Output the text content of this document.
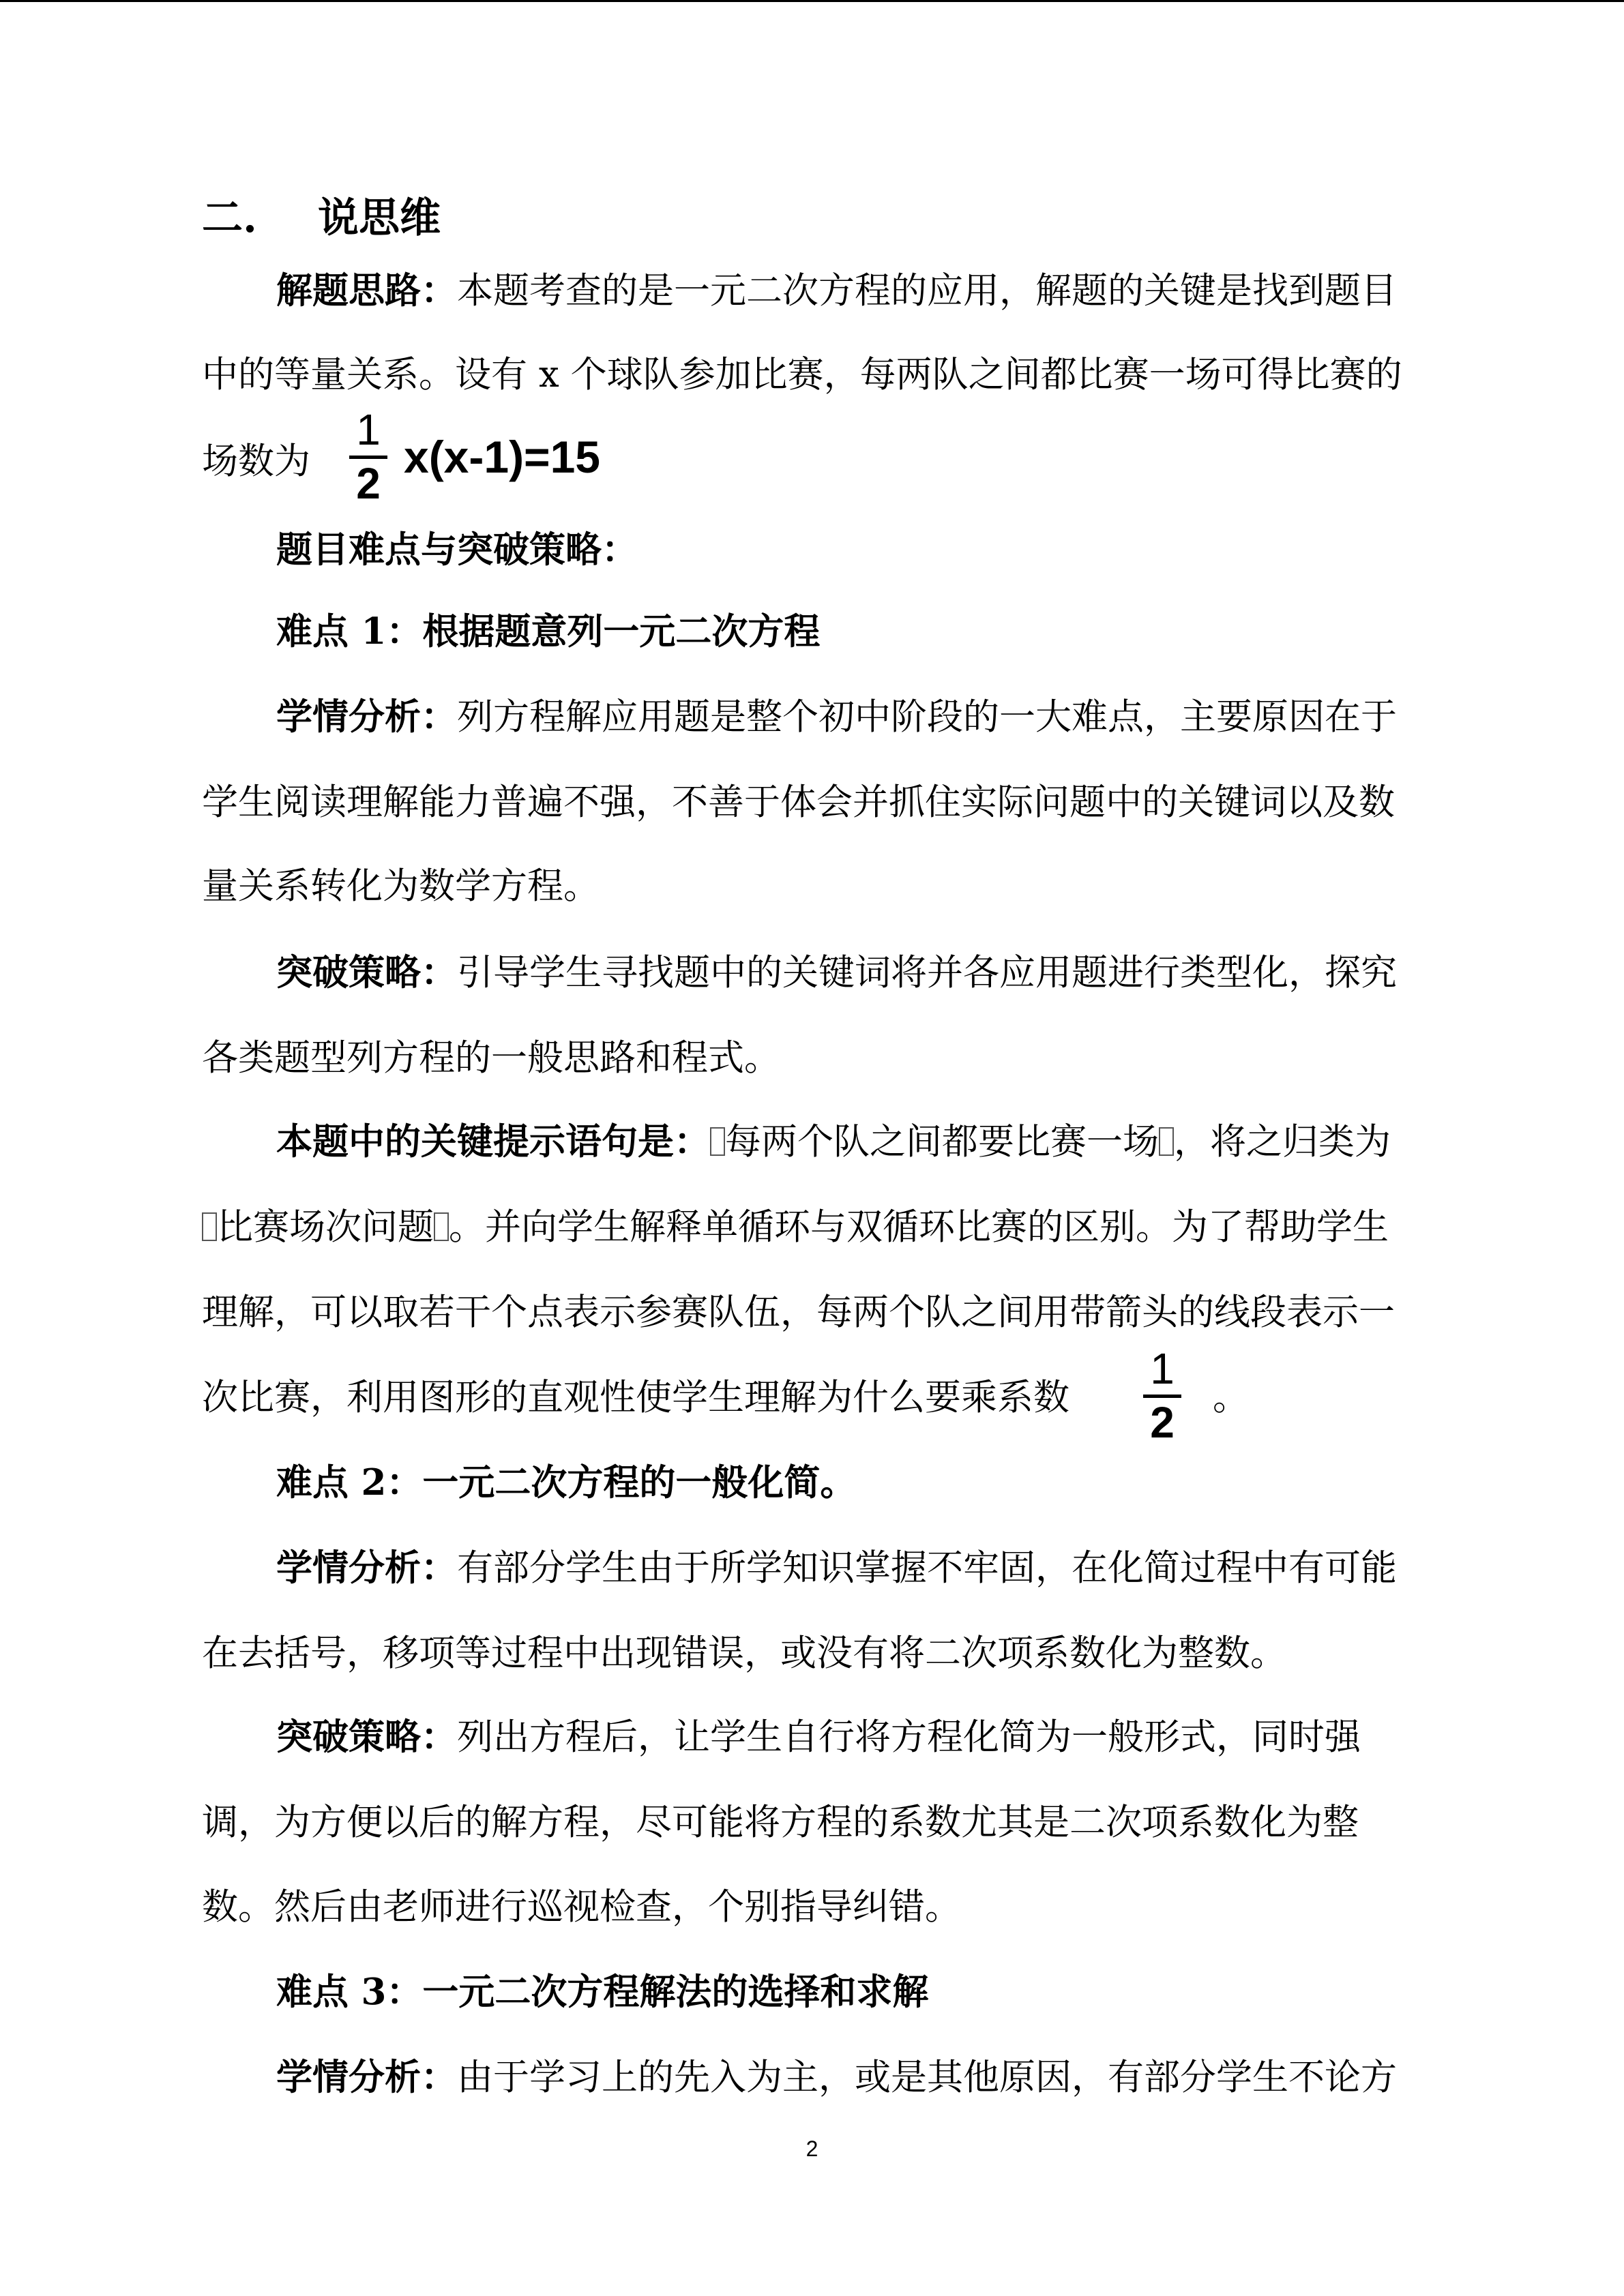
二. 说思维

解题思路：本题考查的是一元二次方程的应用，解题的关键是找到题目

中的等量关系。设有 x 个球队参加比赛，每两队之间都比赛一场可得比赛的

场数为

1
2
x(x-1)=15

题目难点与突破策略：

难点 1：根据题意列一元二次方程

学情分析：列方程解应用题是整个初中阶段的一大难点，主要原因在于

学生阅读理解能力普遍不强，不善于体会并抓住实际问题中的关键词以及数

量关系转化为数学方程。

突破策略：引导学生寻找题中的关键词将并各应用题进行类型化，探究

各类题型列方程的一般思路和程式。

本题中的关键提示语句是： 每两个队之间都要比赛一场 ，将之归类为

比赛场次问题 。并向学生解释单循环与双循环比赛的区别。为了帮助学生

理解，可以取若干个点表示参赛队伍，每两个队之间用带箭头的线段表示一

次比赛，利用图形的直观性使学生理解为什么要乘系数

1
2

。

难点 2：一元二次方程的一般化简。

学情分析：有部分学生由于所学知识掌握不牢固，在化简过程中有可能

在去括号，移项等过程中出现错误，或没有将二次项系数化为整数。

突破策略：列出方程后，让学生自行将方程化简为一般形式，同时强

调，为方便以后的解方程，尽可能将方程的系数尤其是二次项系数化为整

数。然后由老师进行巡视检查，个别指导纠错。

难点 3：一元二次方程解法的选择和求解

学情分析：由于学习上的先入为主，或是其他原因，有部分学生不论方

2
